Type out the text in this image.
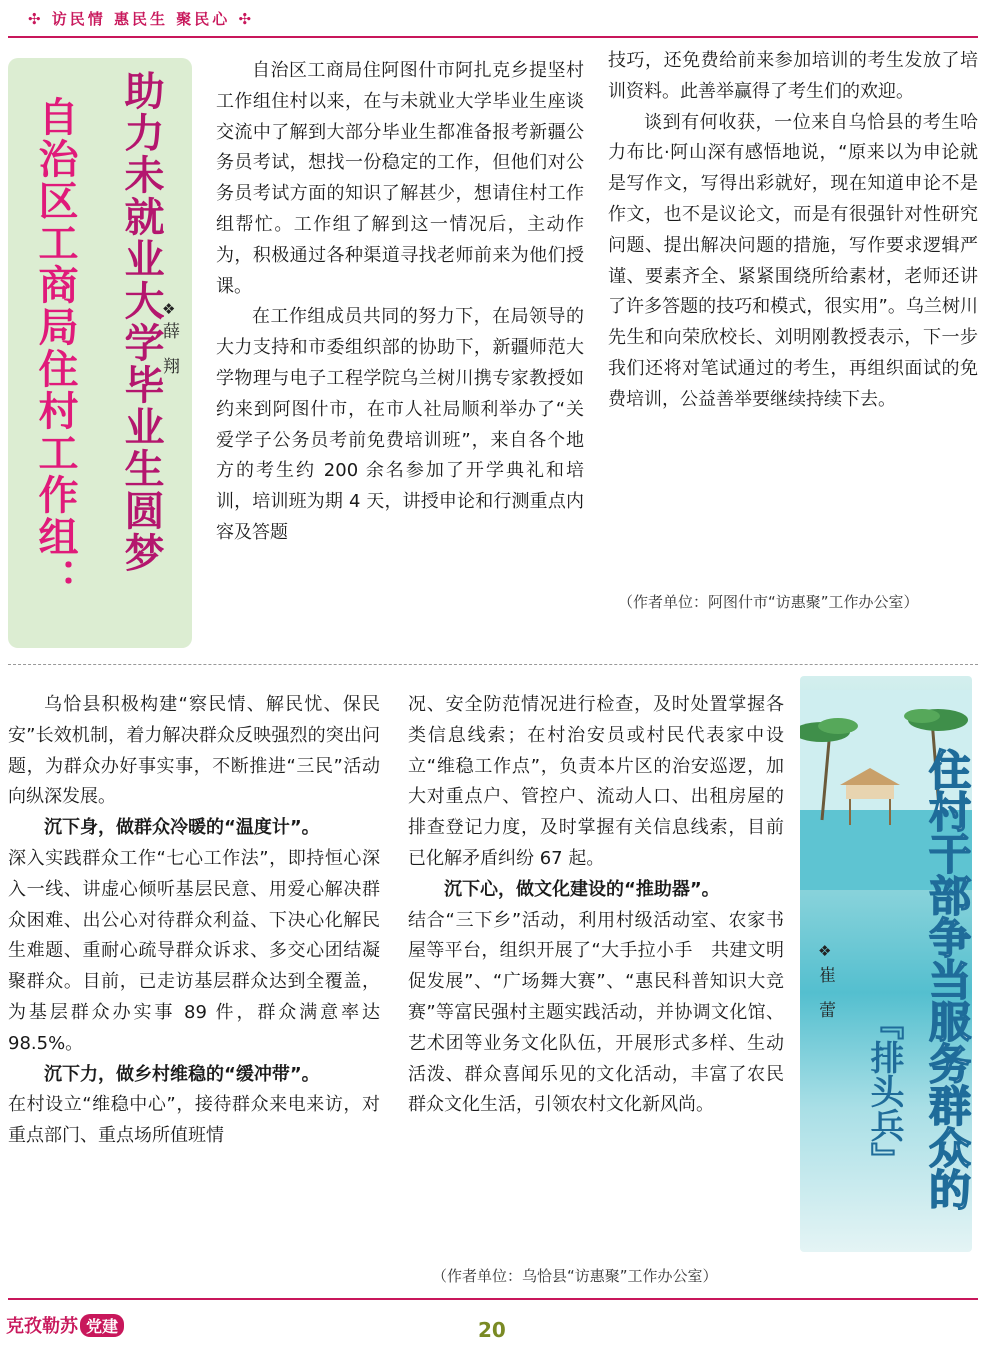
✣ 访民情 惠民生 聚民心 ✣
助力未就业大学毕业生圆梦
自治区工商局住村工作组：	❖
薛翔

自治区工商局住阿图什市阿扎克乡提坚村工作组住村以来，在与未就业大学毕业生座谈交流中了解到大部分毕业生都准备报考新疆公务员考试，想找一份稳定的工作，但他们对公务员考试方面的知识了解甚少，想请住村工作组帮忙。工作组了解到这一情况后，主动作为，积极通过各种渠道寻找老师前来为他们授课。

在工作组成员共同的努力下，在局领导的大力支持和市委组织部的协助下，新疆师范大学物理与电子工程学院乌兰树川携专家教授如约来到阿图什市，在市人社局顺利举办了“关爱学子公务员考前免费培训班”，来自各个地方的考生约 200 余名参加了开学典礼和培训，培训班为期 4 天，讲授申论和行测重点内容及答题

技巧，还免费给前来参加培训的考生发放了培训资料。此善举赢得了考生们的欢迎。

谈到有何收获，一位来自乌恰县的考生哈力布比·阿山深有感悟地说，“原来以为申论就是写作文，写得出彩就好，现在知道申论不是作文，也不是议论文，而是有很强针对性研究问题、提出解决问题的措施，写作要求逻辑严谨、要素齐全、紧紧围绕所给素材，老师还讲了许多答题的技巧和模式，很实用”。乌兰树川先生和向荣欣校长、刘明刚教授表示，下一步我们还将对笔试通过的考生，再组织面试的免费培训，公益善举要继续持续下去。

（作者单位：阿图什市“访惠聚”工作办公室）

乌恰县积极构建“察民情、解民忧、保民安”长效机制，着力解决群众反映强烈的突出问题，为群众办好事实事，不断推进“三民”活动向纵深发展。

沉下身，做群众冷暖的“温度计”。

深入实践群众工作“七心工作法”，即持恒心深入一线、讲虚心倾听基层民意、用爱心解决群众困难、出公心对待群众利益、下决心化解民生难题、重耐心疏导群众诉求、多交心团结凝聚群众。目前，已走访基层群众达到全覆盖，为基层群众办实事 89 件，群众满意率达 98.5%。

沉下力，做乡村维稳的“缓冲带”。

在村设立“维稳中心”，接待群众来电来访，对重点部门、重点场所值班情

况、安全防范情况进行检查，及时处置掌握各类信息线索；在村治安员或村民代表家中设立“维稳工作点”，负责本片区的治安巡逻，加大对重点户、管控户、流动人口、出租房屋的排查登记力度，及时掌握有关信息线索，目前已化解矛盾纠纷 67 起。

沉下心，做文化建设的“推助器”。

结合“三下乡”活动，利用村级活动室、农家书屋等平台，组织开展了“大手拉小手　共建文明促发展”、“广场舞大赛”、“惠民科普知识大竞赛”等富民强村主题实践活动，并协调文化馆、艺术团等业务文化队伍，开展形式多样、生动活泼、群众喜闻乐见的文化活动，丰富了农民群众文化生活，引领农村文化新风尚。

（作者单位：乌恰县“访惠聚”工作办公室）
住村干部争当服务群众的
『排头兵』
❖
崔蕾
克孜勒苏 党建	20
